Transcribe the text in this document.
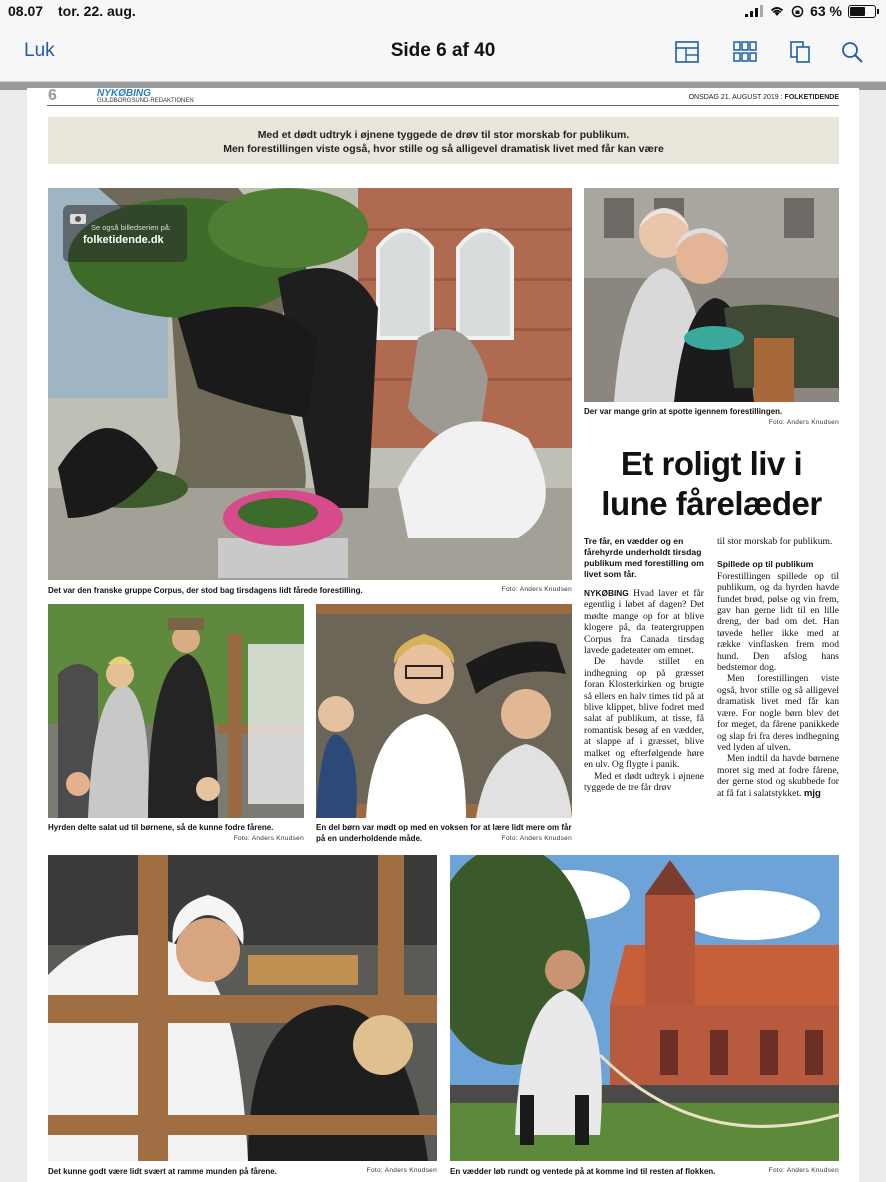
08.07 tor. 22. aug.	63 %
Luk	Side 6 af 40
6	NYKØBING
GULDBORGSUND-REDAKTIONEN	ONSDAG 21. AUGUST 2019 : FOLKETIDENDE
Med et dødt udtryk i øjnene tyggede de drøv til stor morskab for publikum.
Men forestillingen viste også, hvor stille og så alligevel dramatisk livet med får kan være
Se også billedserien på:
folketidende.dk
Det var den franske gruppe Corpus, der stod bag tirsdagens lidt fårede forestilling.	Foto: Anders Knudsen
Der var mange grin at spotte igennem forestillingen.
Foto: Anders Knudsen
Et roligt liv i lune fårelæder

Tre får, en vædder og en fårehyrde underholdt tirsdag publikum med forestilling om livet som får.

NYKØBING Hvad laver et får egentlig i løbet af dagen? Det mødte mange op for at blive klogere på, da teatergruppen Corpus fra Canada tirsdag lavede gadeteater om emnet.

De havde stillet en indhegning op på græsset foran Klosterkirken og brugte så ellers en halv times tid på at blive klippet, blive fodret med salat af publikum, at tisse, få romantisk besøg af en vædder, at slappe af i græsset, blive malket og efterfølgende høre en ulv. Og flygte i panik.

Med et dødt udtryk i øjnene tyggede de tre får drøv

til stor morskab for publikum.

Spillede op til publikum

Forestillingen spillede op til publikum, og da hyrden havde fundet brød, pølse og vin frem, gav han gerne lidt til en lille dreng, der bad om det. Han tøvede heller ikke med at række vinflasken frem mod hund. Den afslog hans bedstemor dog.

Men forestillingen viste også, hvor stille og så alligevel dramatisk livet med får kan være. For nogle børn blev det for meget, da fårene panikkede og slap fri fra deres indhegning ved lyden af ulven.

Men indtil da havde børnene moret sig med at fodre fårene, der gerne stod og skubbede for at få fat i salatstykket. mjg

Hyrden delte salat ud til børnene, så de kunne fodre fårene.
Foto: Anders Knudsen
En del børn var mødt op med en voksen for at lære lidt mere om får på en underholdende måde.	Foto: Anders Knudsen
Det kunne godt være lidt svært at ramme munden på fårene.	Foto: Anders Knudsen En vædder løb rundt og ventede på at komme ind til resten af flokken.	Foto: Anders Knudsen
